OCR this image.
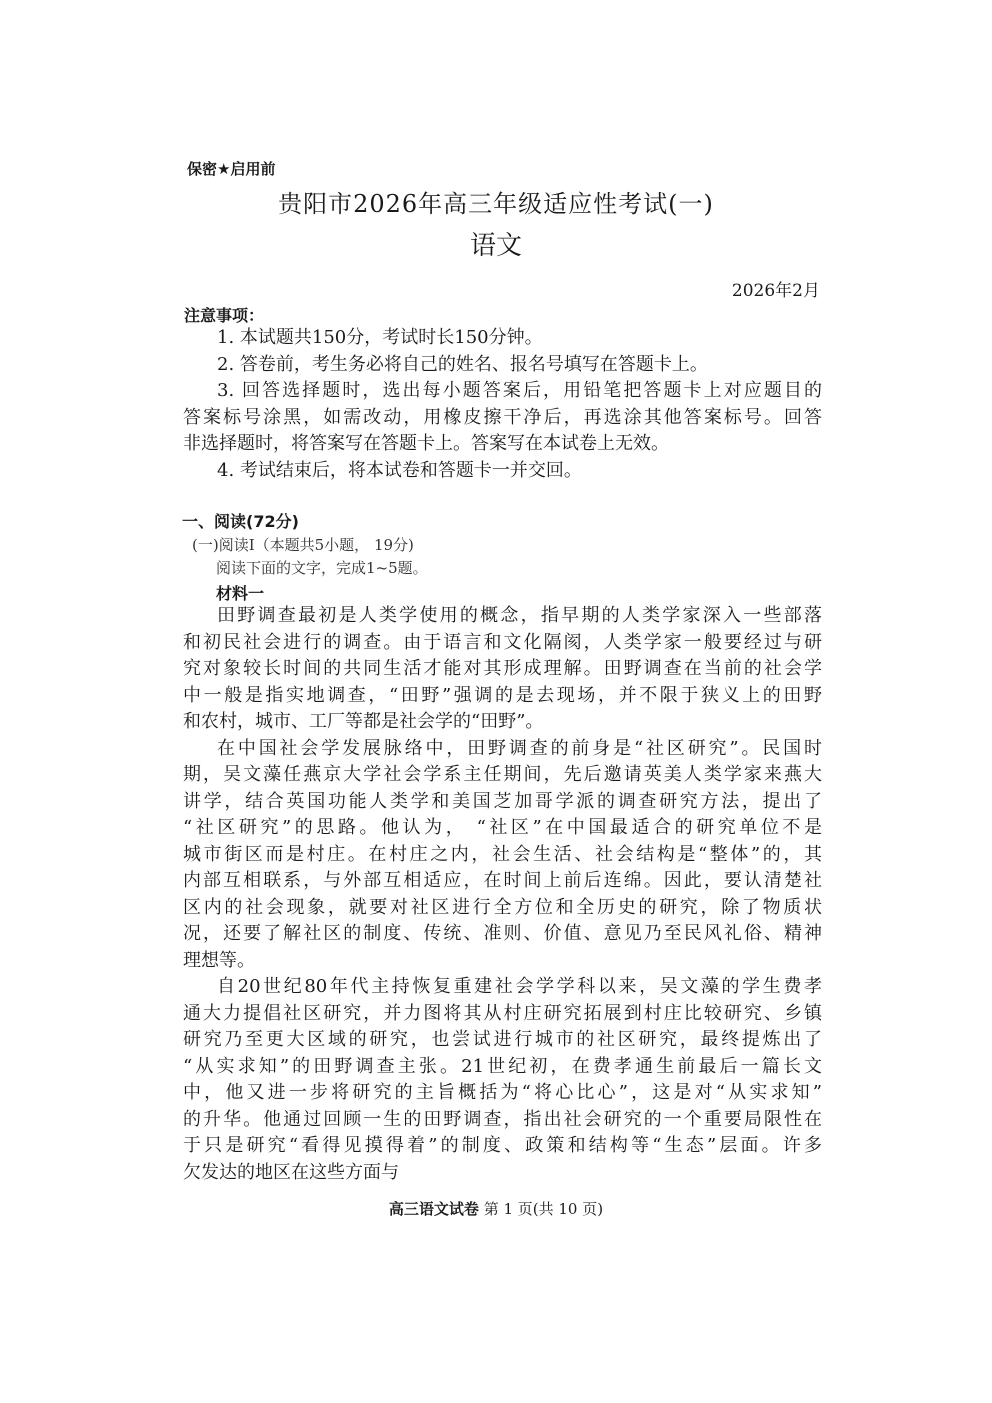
保密★启用前
贵阳市2026年高三年级适应性考试(一)
语文
2026年2月
注意事项：
1. 本试题共150分，考试时长150分钟。
2. 答卷前，考生务必将自己的姓名、报名号填写在答题卡上。
3. 回答选择题时，选出每小题答案后，用铅笔把答题卡上对应题目的
答案标号涂黑，如需改动，用橡皮擦干净后，再选涂其他答案标号。回答
非选择题时，将答案写在答题卡上。答案写在本试卷上无效。
4. 考试结束后，将本试卷和答题卡一并交回。
一、阅读(72分)
(一)阅读Ⅰ（本题共5小题， 19分)
阅读下面的文字，完成1~5题。
材料一
田野调查最初是人类学使用的概念，指早期的人类学家深入一些部落
和初民社会进行的调查。由于语言和文化隔阂，人类学家一般要经过与研
究对象较长时间的共同生活才能对其形成理解。田野调查在当前的社会学
中一般是指实地调查，“田野”强调的是去现场，并不限于狭义上的田野
和农村，城市、工厂等都是社会学的“田野”。
在中国社会学发展脉络中，田野调查的前身是“社区研究”。民国时
期，吴文藻任燕京大学社会学系主任期间，先后邀请英美人类学家来燕大
讲学，结合英国功能人类学和美国芝加哥学派的调查研究方法，提出了
“社区研究”的思路。他认为， “社区”在中国最适合的研究单位不是
城市街区而是村庄。在村庄之内，社会生活、社会结构是“整体”的，其
内部互相联系，与外部互相适应，在时间上前后连绵。因此，要认清楚社
区内的社会现象，就要对社区进行全方位和全历史的研究，除了物质状
况，还要了解社区的制度、传统、准则、价值、意见乃至民风礼俗、精神
理想等。
自20世纪80年代主持恢复重建社会学学科以来，吴文藻的学生费孝
通大力提倡社区研究，并力图将其从村庄研究拓展到村庄比较研究、乡镇
研究乃至更大区域的研究，也尝试进行城市的社区研究，最终提炼出了
“从实求知”的田野调查主张。21世纪初，在费孝通生前最后一篇长文
中，他又进一步将研究的主旨概括为“将心比心”，这是对“从实求知”
的升华。他通过回顾一生的田野调查，指出社会研究的一个重要局限性在
于只是研究“看得见摸得着”的制度、政策和结构等“生态”层面。许多
欠发达的地区在这些方面与
高三语文试卷 第 1 页(共 10 页)
